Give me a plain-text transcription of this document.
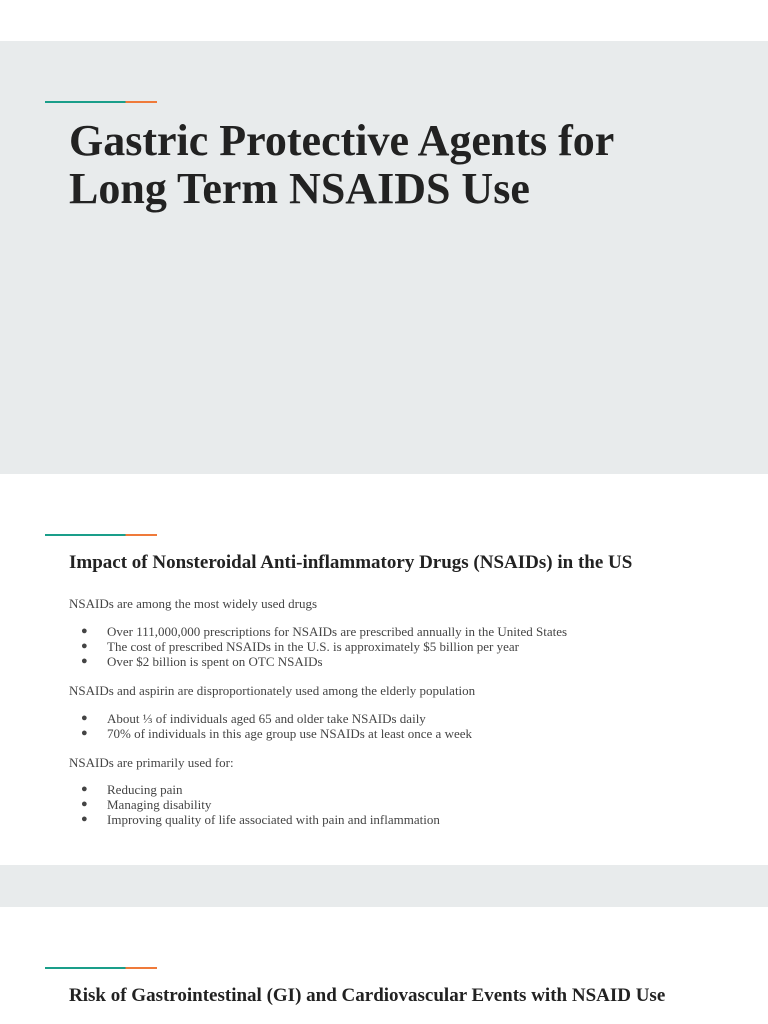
Gastric Protective Agents for
Long Term NSAIDS Use
Impact of Nonsteroidal Anti-inflammatory Drugs (NSAIDs) in the US

NSAIDs are among the most widely used drugs

● Over 111,000,000 prescriptions for NSAIDs are prescribed annually in the United States
● The cost of prescribed NSAIDs in the U.S. is approximately $5 billion per year
● Over $2 billion is spent on OTC NSAIDs

NSAIDs and aspirin are disproportionately used among the elderly population

● About ⅓ of individuals aged 65 and older take NSAIDs daily
● 70% of individuals in this age group use NSAIDs at least once a week

NSAIDs are primarily used for:

● Reducing pain
● Managing disability
● Improving quality of life associated with pain and inflammation
Risk of Gastrointestinal (GI) and Cardiovascular Events with NSAID Use
